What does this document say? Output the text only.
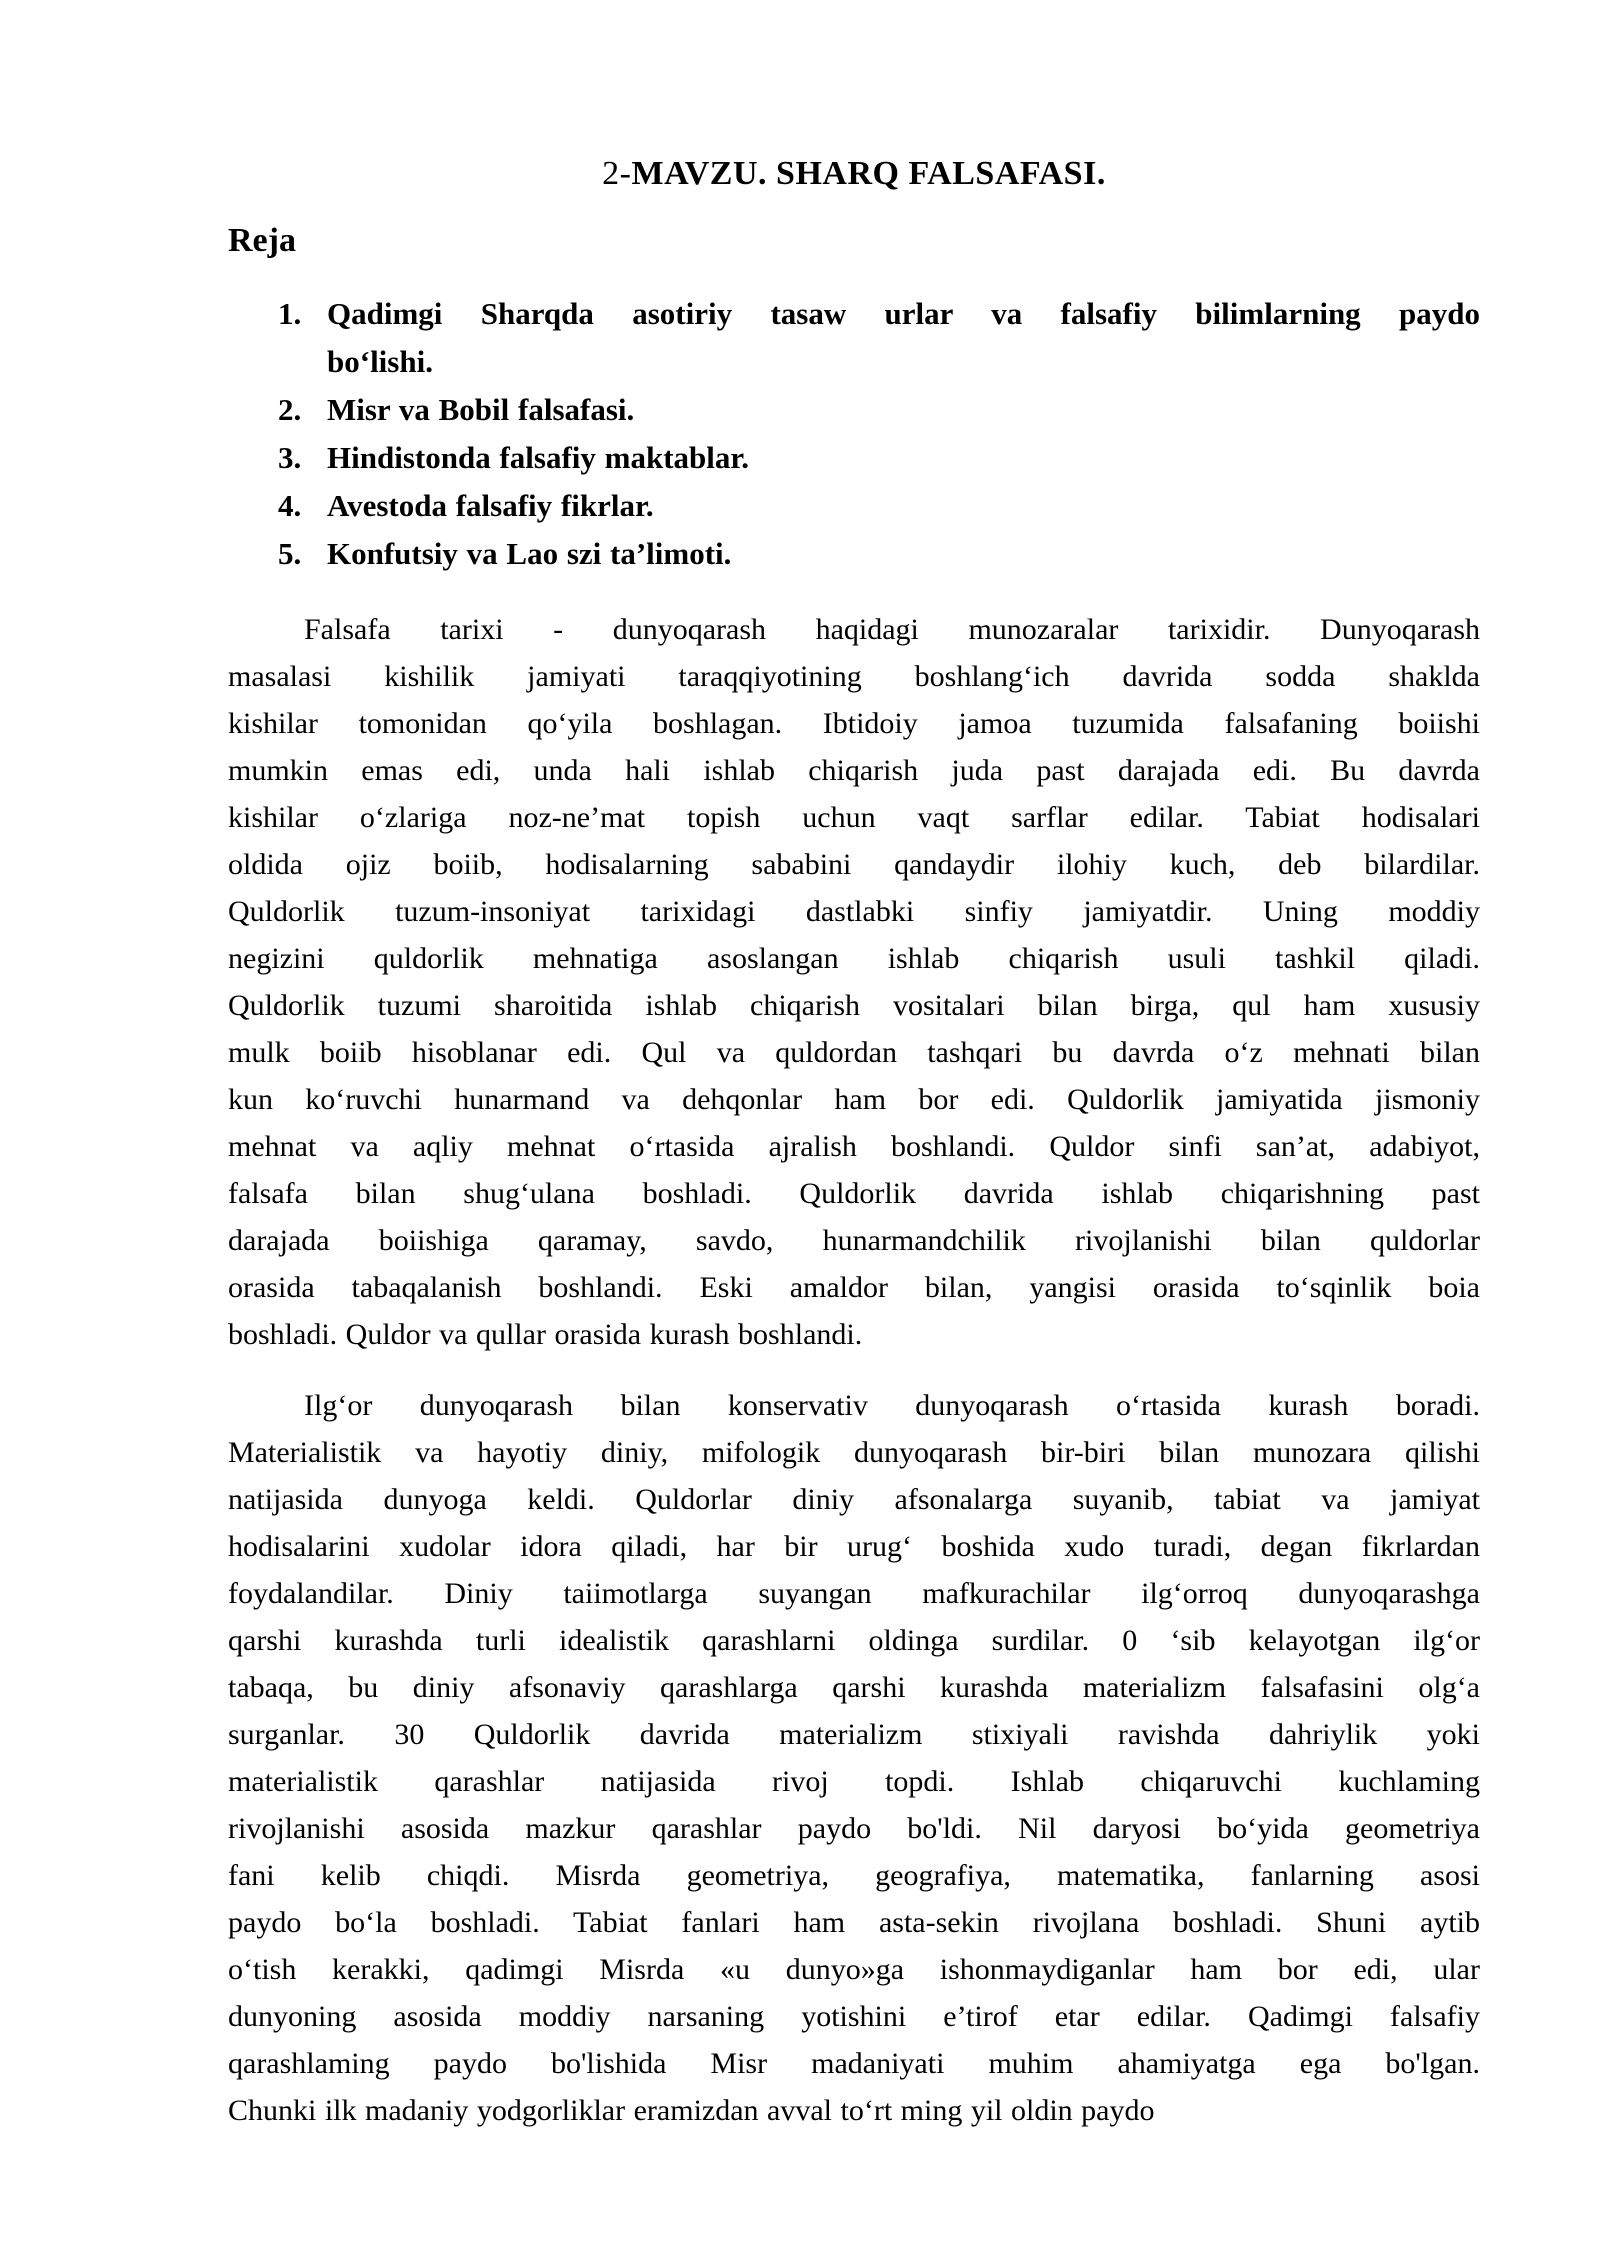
2-MAVZU. SHARQ FALSAFASI.
Reja
1. Qadimgi Sharqda asotiriy tasaw urlar va falsafiy bilimlarning paydo
bo‘lishi.
2. Misr va Bobil falsafasi.
3. Hindistonda falsafiy maktablar.
4. Avestoda falsafiy fikrlar.
5. Konfutsiy va Lao szi ta’limoti.
Falsafa tarixi - dunyoqarash haqidagi munozaralar tarixidir. Dunyoqarash
masalasi kishilik jamiyati taraqqiyotining boshlang‘ich davrida sodda shaklda
kishilar tomonidan qo‘yila boshlagan. Ibtidoiy jamoa tuzumida falsafaning boiishi
mumkin emas edi, unda hali ishlab chiqarish juda past darajada edi. Bu davrda
kishilar o‘zlariga noz-ne’mat topish uchun vaqt sarflar edilar. Tabiat hodisalari
oldida ojiz boiib, hodisalarning sababini qandaydir ilohiy kuch, deb bilardilar.
Quldorlik tuzum-insoniyat tarixidagi dastlabki sinfiy jamiyatdir. Uning moddiy
negizini quldorlik mehnatiga asoslangan ishlab chiqarish usuli tashkil qiladi.
Quldorlik tuzumi sharoitida ishlab chiqarish vositalari bilan birga, qul ham xususiy
mulk boiib hisoblanar edi. Qul va quldordan tashqari bu davrda o‘z mehnati bilan
kun ko‘ruvchi hunarmand va dehqonlar ham bor edi. Quldorlik jamiyatida jismoniy
mehnat va aqliy mehnat o‘rtasida ajralish boshlandi. Quldor sinfi san’at, adabiyot,
falsafa bilan shug‘ulana boshladi. Quldorlik davrida ishlab chiqarishning past
darajada boiishiga qaramay, savdo, hunarmandchilik rivojlanishi bilan quldorlar
orasida tabaqalanish boshlandi. Eski amaldor bilan, yangisi orasida to‘sqinlik boia
boshladi. Quldor va qullar orasida kurash boshlandi.
Ilg‘or dunyoqarash bilan konservativ dunyoqarash o‘rtasida kurash boradi.
Materialistik va hayotiy diniy, mifologik dunyoqarash bir-biri bilan munozara qilishi
natijasida dunyoga keldi. Quldorlar diniy afsonalarga suyanib, tabiat va jamiyat
hodisalarini xudolar idora qiladi, har bir urug‘ boshida xudo turadi, degan fikrlardan
foydalandilar. Diniy taiimotlarga suyangan mafkurachilar ilg‘orroq dunyoqarashga
qarshi kurashda turli idealistik qarashlarni oldinga surdilar. 0 ‘sib kelayotgan ilg‘or
tabaqa, bu diniy afsonaviy qarashlarga qarshi kurashda materializm falsafasini olg‘a
surganlar. 30 Quldorlik davrida materializm stixiyali ravishda dahriylik yoki
materialistik qarashlar natijasida rivoj topdi. Ishlab chiqaruvchi kuchlaming
rivojlanishi asosida mazkur qarashlar paydo bo'ldi. Nil daryosi bo‘yida geometriya
fani kelib chiqdi. Misrda geometriya, geografiya, matematika, fanlarning asosi
paydo bo‘la boshladi. Tabiat fanlari ham asta-sekin rivojlana boshladi. Shuni aytib
o‘tish kerakki, qadimgi Misrda «u dunyo»ga ishonmaydiganlar ham bor edi, ular
dunyoning asosida moddiy narsaning yotishini e’tirof etar edilar. Qadimgi falsafiy
qarashlaming paydo bo'lishida Misr madaniyati muhim ahamiyatga ega bo'lgan.
Chunki ilk madaniy yodgorliklar eramizdan avval to‘rt ming yil oldin paydo
